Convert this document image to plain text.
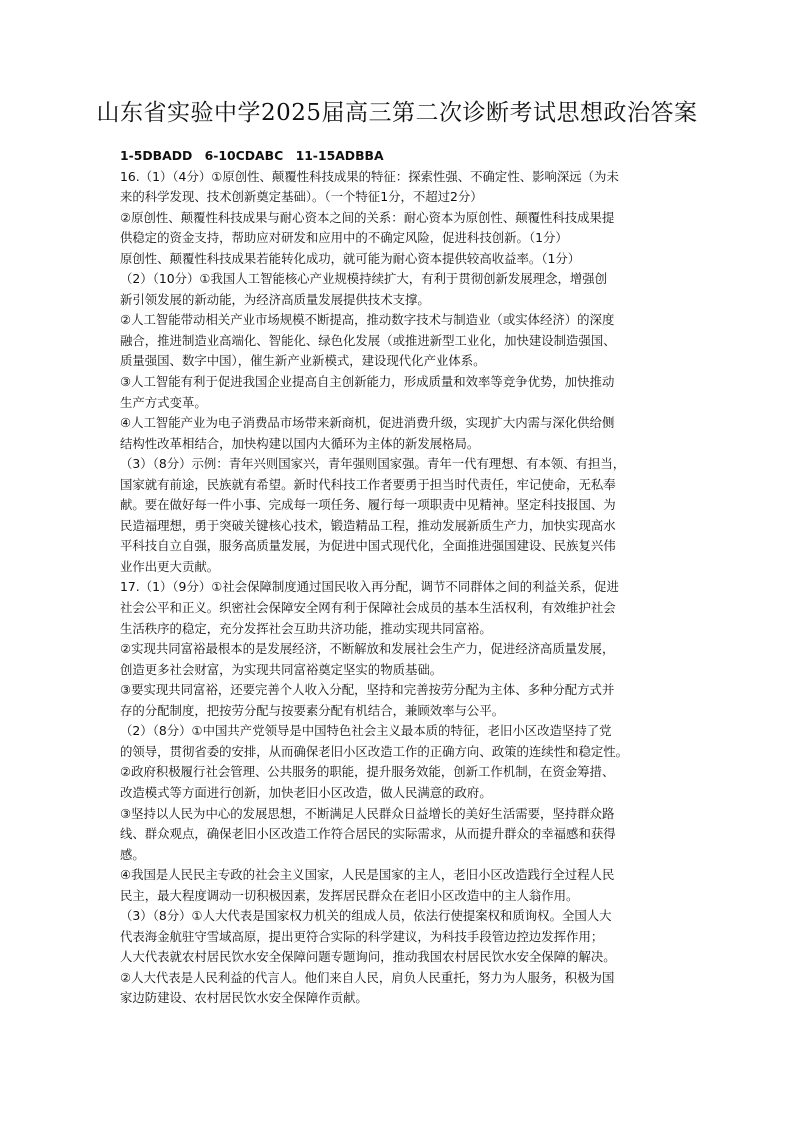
山东省实验中学2025届高三第二次诊断考试思想政治答案
1-5DBADD　6-10CDABC　11-15ADBBA
16.（1）（4分）①原创性、颠覆性科技成果的特征：探索性强、不确定性、影响深远（为未
来的科学发现、技术创新奠定基础）。（一个特征1分，不超过2分）
②原创性、颠覆性科技成果与耐心资本之间的关系：耐心资本为原创性、颠覆性科技成果提
供稳定的资金支持，帮助应对研发和应用中的不确定风险，促进科技创新。（1分）
原创性、颠覆性科技成果若能转化成功，就可能为耐心资本提供较高收益率。（1分）
（2）（10分）①我国人工智能核心产业规模持续扩大，有利于贯彻创新发展理念，增强创
新引领发展的新动能，为经济高质量发展提供技术支撑。
②人工智能带动相关产业市场规模不断提高，推动数字技术与制造业（或实体经济）的深度
融合，推进制造业高端化、智能化、绿色化发展（或推进新型工业化，加快建设制造强国、
质量强国、数字中国），催生新产业新模式，建设现代化产业体系。
③人工智能有利于促进我国企业提高自主创新能力，形成质量和效率等竞争优势，加快推动
生产方式变革。
④人工智能产业为电子消费品市场带来新商机，促进消费升级，实现扩大内需与深化供给侧
结构性改革相结合，加快构建以国内大循环为主体的新发展格局。
（3）（8分）示例：青年兴则国家兴，青年强则国家强。青年一代有理想、有本领、有担当，
国家就有前途，民族就有希望。新时代科技工作者要勇于担当时代责任，牢记使命，无私奉
献。要在做好每一件小事、完成每一项任务、履行每一项职责中见精神。坚定科技报国、为
民造福理想，勇于突破关键核心技术，锻造精品工程，推动发展新质生产力，加快实现高水
平科技自立自强，服务高质量发展，为促进中国式现代化，全面推进强国建设、民族复兴伟
业作出更大贡献。
17.（1）（9分）①社会保障制度通过国民收入再分配，调节不同群体之间的利益关系，促进
社会公平和正义。织密社会保障安全网有利于保障社会成员的基本生活权利，有效维护社会
生活秩序的稳定，充分发挥社会互助共济功能，推动实现共同富裕。
②实现共同富裕最根本的是发展经济，不断解放和发展社会生产力，促进经济高质量发展，
创造更多社会财富，为实现共同富裕奠定坚实的物质基础。
③要实现共同富裕，还要完善个人收入分配，坚持和完善按劳分配为主体、多种分配方式并
存的分配制度，把按劳分配与按要素分配有机结合，兼顾效率与公平。
（2）（8分）①中国共产党领导是中国特色社会主义最本质的特征，老旧小区改造坚持了党
的领导，贯彻省委的安排，从而确保老旧小区改造工作的正确方向、政策的连续性和稳定性。
②政府积极履行社会管理、公共服务的职能，提升服务效能，创新工作机制，在资金筹措、
改造模式等方面进行创新，加快老旧小区改造，做人民满意的政府。
③坚持以人民为中心的发展思想，不断满足人民群众日益增长的美好生活需要，坚持群众路
线、群众观点，确保老旧小区改造工作符合居民的实际需求，从而提升群众的幸福感和获得
感。
④我国是人民民主专政的社会主义国家，人民是国家的主人，老旧小区改造践行全过程人民
民主，最大程度调动一切积极因素，发挥居民群众在老旧小区改造中的主人翁作用。
（3）（8分）①人大代表是国家权力机关的组成人员，依法行使提案权和质询权。全国人大
代表海金航驻守雪域高原，提出更符合实际的科学建议，为科技手段管边控边发挥作用；
人大代表就农村居民饮水安全保障问题专题询问，推动我国农村居民饮水安全保障的解决。
②人大代表是人民利益的代言人。他们来自人民，肩负人民重托，努力为人服务，积极为国
家边防建设、农村居民饮水安全保障作贡献。
